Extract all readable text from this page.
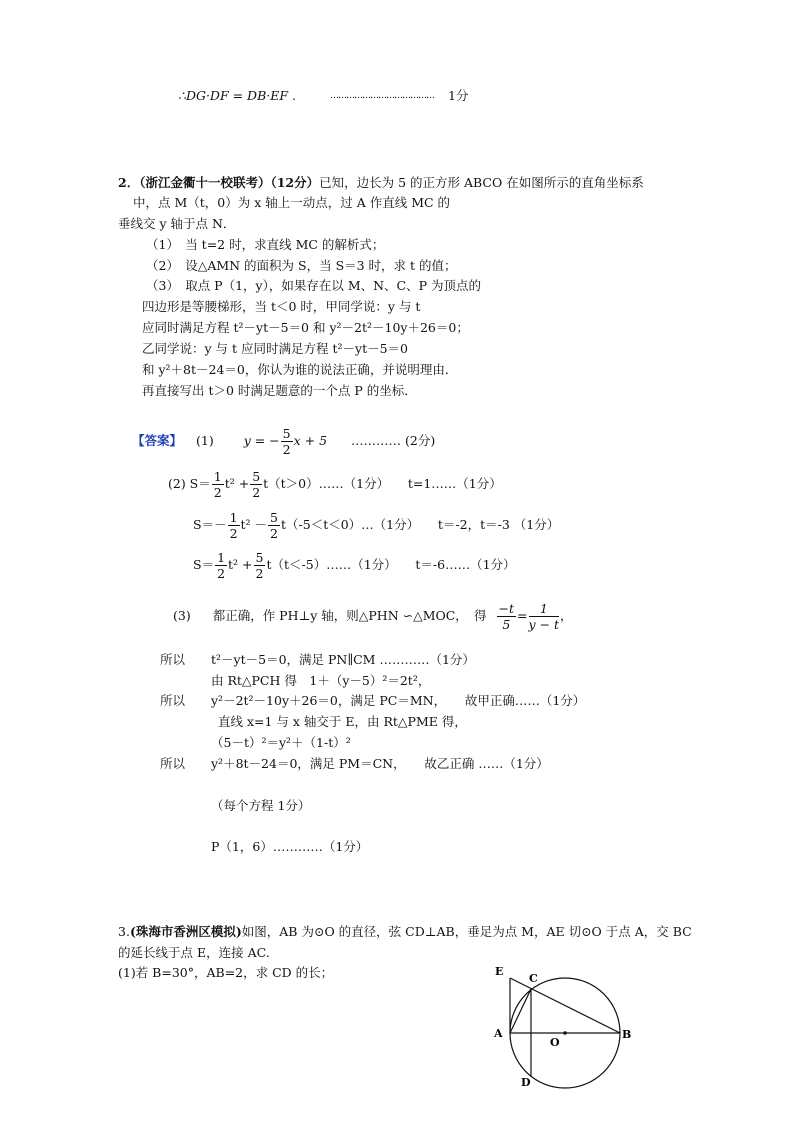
∴DG·DF = DB·EF .	………………………………… 1分
2．（浙江金衢十一校联考）（12分）已知，边长为 5 的正方形 ABCO 在如图所示的直角坐标系
中，点 M（t，0）为 x 轴上一动点，过 A 作直线 MC 的
垂线交 y 轴于点 N．
（1）　当 t=2 时，求直线 MC 的解析式；
（2）　设△AMN 的面积为 S，当 S＝3 时，求 t 的值；
（3）　取点 P（1，y），如果存在以 M、N、C、P 为顶点的
四边形是等腰梯形，当 t＜0 时，甲同学说：y 与 t
应同时满足方程 t²－yt－5＝0 和 y²－2t²－10y＋26＝0；
乙同学说：y 与 t 应同时满足方程 t²－yt－5＝0
和 y²＋8t－24＝0，你认为谁的说法正确，并说明理由．
再直接写出 t＞0 时满足题意的一个点 P 的坐标．
【答案】 (1) y = − $\frac{5}{2}$ x + 5 ………… (2分)
(2) $S= \frac{1}{2} t^2 + \frac{5}{2}$ t（t＞0）……（1分）　　t=1……（1分）
$S=- \frac{1}{2} t^2 - \frac{5}{2}$ t（-5＜t＜0）…（1分）　　t＝-2，t＝-3 （1分）
$S= \frac{1}{2} t^2 + \frac{5}{2}$ t（t＜-5）……（1分）　　t＝-6……（1分）
(3) 都正确，作 PH⊥y 轴，则△PHN ∽△MOC，　得 $\frac{-t}{5} = \frac{1}{y - t}$ ，
所以 t²－yt－5＝0，满足 PN∥CM …………（1分）
由 Rt△PCH 得　1＋（y－5）²＝2t²，
所以 y²－2t²－10y＋26＝0，满足 PC＝MN，　　故甲正确……（1分）
直线 x=1 与 x 轴交于 E，由 Rt△PME 得，
（5－t）²＝y²＋（1-t）²
所以 y²＋8t－24＝0，满足 PM＝CN，　　故乙正确 ……（1分）
（每个方程 1分）
P（1，6）…………（1分）
3.(珠海市香洲区模拟)如图，AB 为⊙O 的直径，弦 CD⊥AB，垂足为点 M，AE 切⊙O 于点 A，交 BC
的延长线于点 E，连接 AC.
(1)若 B=30°，AB=2，求 CD 的长；	E
C
A
O
B
D
